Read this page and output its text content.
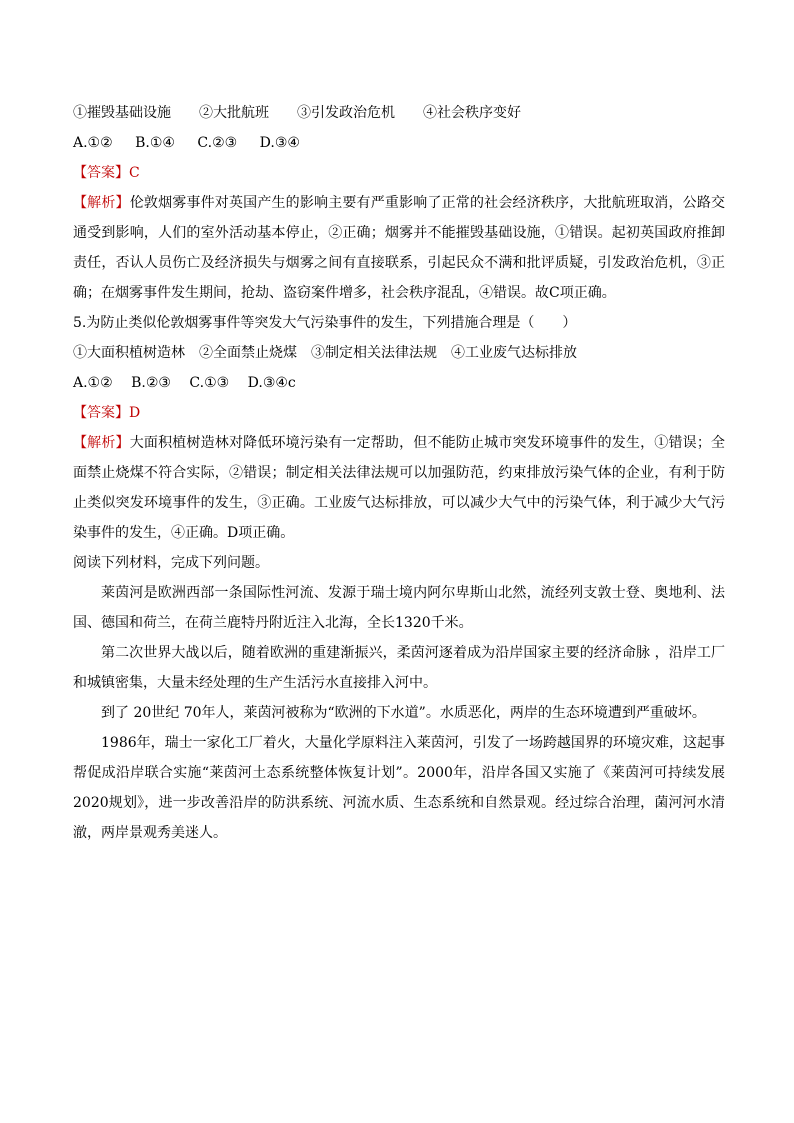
①摧毁基础设施　　②大批航班　　③引发政治危机　　④社会秩序变好
A.①② B.①④ C.②③ D.③④
【答案】C

【解析】伦敦烟雾事件对英国产生的影响主要有严重影响了正常的社会经济秩序，大批航班取消，公路交通受到影响，人们的室外活动基本停止，②正确；烟雾并不能摧毁基础设施，①错误。起初英国政府推卸责任，否认人员伤亡及经济损失与烟雾之间有直接联系，引起民众不满和批评质疑，引发政治危机，③正确；在烟雾事件发生期间，抢劫、盗窃案件增多，社会秩序混乱，④错误。故C项正确。

5.为防止类似伦敦烟雾事件等突发大气污染事件的发生，下列措施合理是（　　）
①大面积植树造林　②全面禁止烧煤　③制定相关法律法规　④工业废气达标排放
A.①② B.②③ C.①③ D.③④c
【答案】D

【解析】大面积植树造林对降低环境污染有一定帮助，但不能防止城市突发环境事件的发生，①错误；全面禁止烧煤不符合实际，②错误；制定相关法律法规可以加强防范，约束排放污染气体的企业，有利于防止类似突发环境事件的发生，③正确。工业废气达标排放，可以减少大气中的污染气体，利于减少大气污染事件的发生，④正确。D项正确。

阅读下列材料，完成下列问题。

莱茵河是欧洲西部一条国际性河流、发源于瑞士境内阿尔卑斯山北然，流经列支敦士登、奥地利、法国、德国和荷兰，在荷兰鹿特丹附近注入北海，全长1320千米。

第二次世界大战以后，随着欧洲的重建渐振兴，柔茵河逐着成为沿岸国家主要的经济命脉 ，沿岸工厂和城镇密集，大量未经处理的生产生活污水直接排入河中。

到了 20世纪 70年人，莱茵河被称为“欧洲的下水道”。水质恶化，两岸的生态环境遭到严重破坏。

1986年，瑞士一家化工厂着火，大量化学原料注入莱茵河，引发了一场跨越国界的环境灾难，这起事帮促成沿岸联合实施“莱茵河土态系统整体恢复计划”。2000年，沿岸各国又实施了《莱茵河可持续发展 2020规划》，进一步改善沿岸的防洪系统、河流水质、生态系统和自然景观。经过综合治理，菌河河水清澈，两岸景观秀美迷人。
